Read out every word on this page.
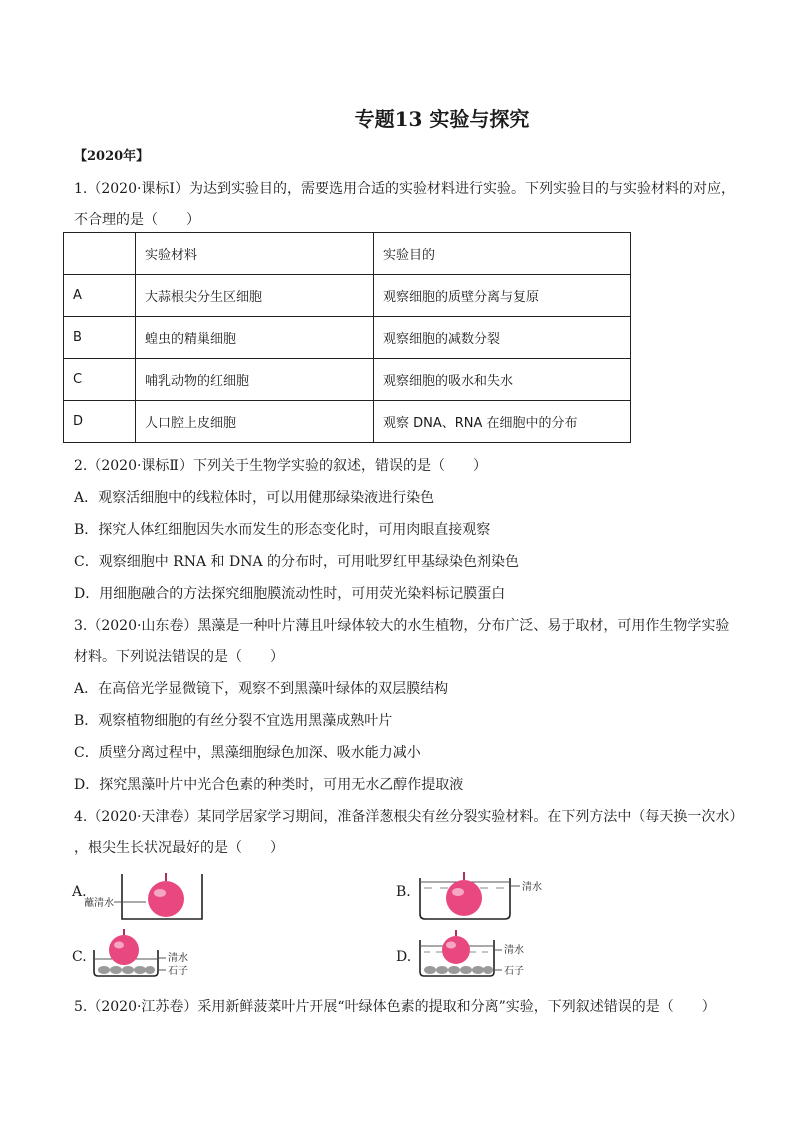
专题13 实验与探究
【2020年】
1.（2020·课标Ⅰ）为达到实验目的，需要选用合适的实验材料进行实验。下列实验目的与实验材料的对应，
不合理的是（　　）
	实验材料	实验目的
A	大蒜根尖分生区细胞	观察细胞的质壁分离与复原
B	蝗虫的精巢细胞	观察细胞的减数分裂
C	哺乳动物的红细胞	观察细胞的吸水和失水
D	人口腔上皮细胞	观察 DNA、RNA 在细胞中的分布
2.（2020·课标Ⅱ）下列关于生物学实验的叙述，错误的是（　　）
A．观察活细胞中的线粒体时，可以用健那绿染液进行染色
B．探究人体红细胞因失水而发生的形态变化时，可用肉眼直接观察
C．观察细胞中 RNA 和 DNA 的分布时，可用吡罗红甲基绿染色剂染色
D．用细胞融合的方法探究细胞膜流动性时，可用荧光染料标记膜蛋白
3.（2020·山东卷）黑藻是一种叶片薄且叶绿体较大的水生植物，分布广泛、易于取材，可用作生物学实验
材料。下列说法错误的是（　　）
A．在高倍光学显微镜下，观察不到黑藻叶绿体的双层膜结构
B．观察植物细胞的有丝分裂不宜选用黑藻成熟叶片
C．质壁分离过程中，黑藻细胞绿色加深、吸水能力减小
D．探究黑藻叶片中光合色素的种类时，可用无水乙醇作提取液
4.（2020·天津卷）某同学居家学习期间，准备洋葱根尖有丝分裂实验材料。在下列方法中（每天换一次水）
，根尖生长状况最好的是（　　）
A.
蘸清水
B.	清水
C.	清水
石子
D.	清水
石子
5.（2020·江苏卷）采用新鲜菠菜叶片开展“叶绿体色素的提取和分离”实验，下列叙述错误的是（　　）
